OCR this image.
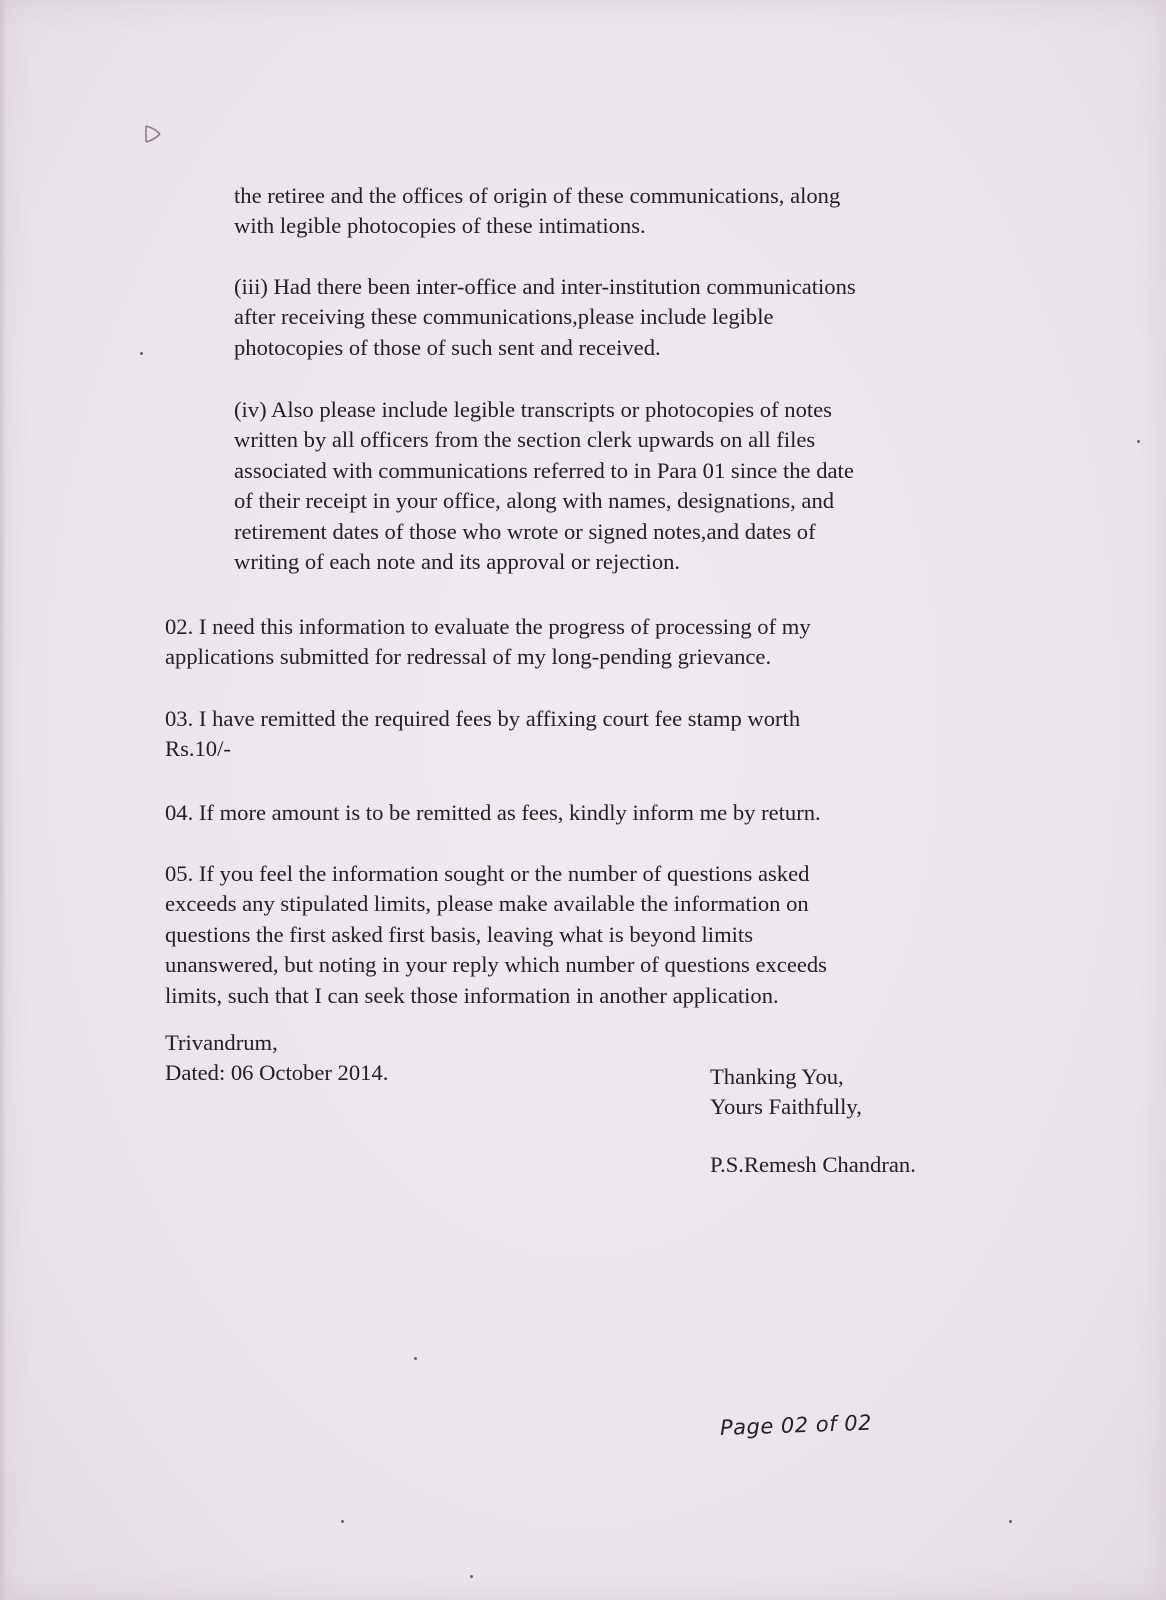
the retiree and the offices of origin of these communications, along
with legible photocopies of these intimations.

(iii) Had there been inter-office and inter-institution communications
after receiving these communications,please include legible
photocopies of those of such sent and received.

(iv) Also please include legible transcripts or photocopies of notes
written by all officers from the section clerk upwards on all files
associated with communications referred to in Para 01 since the date
of their receipt in your office, along with names, designations, and
retirement dates of those who wrote or signed notes,and dates of
writing of each note and its approval or rejection.

02. I need this information to evaluate the progress of processing of my
applications submitted for redressal of my long-pending grievance.

03. I have remitted the required fees by affixing court fee stamp worth
Rs.10/-

04. If more amount is to be remitted as fees, kindly inform me by return.

05. If you feel the information sought or the number of questions asked
exceeds any stipulated limits, please make available the information on
questions the first asked first basis, leaving what is beyond limits
unanswered, but noting in your reply which number of questions exceeds
limits, such that I can seek those information in another application.

Trivandrum,

Dated: 06 October 2014.	Thanking You,
Yours Faithfully,

P.S.Remesh Chandran.

Page 02 of 02
